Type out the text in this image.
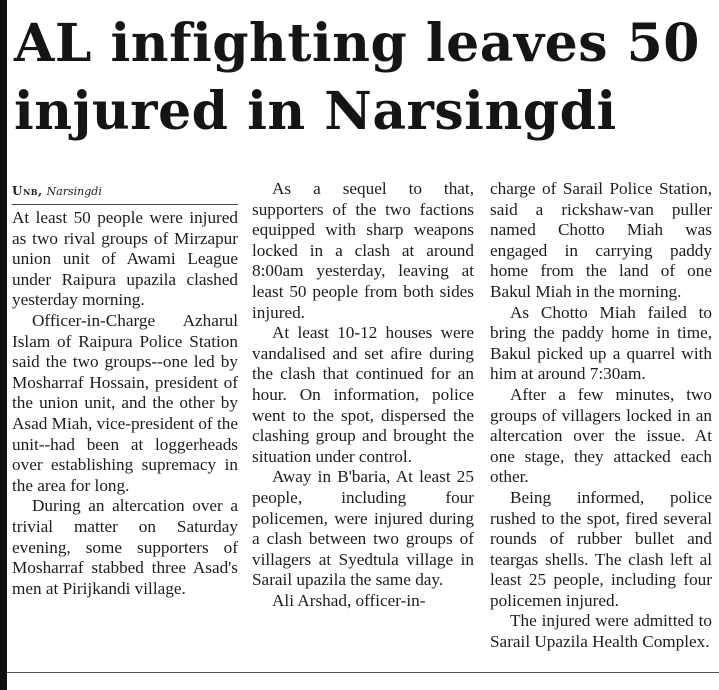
AL infighting leaves 50
injured in Narsingdi
Unb, Narsingdi

At least 50 people were injured as two rival groups of Mirzapur union unit of Awami League under Raipura upazila clashed yesterday morning.

Officer-in-Charge Azharul Islam of Raipura Police Station said the two groups--one led by Mosharraf Hossain, president of the union unit, and the other by Asad Miah, vice-president of the unit--had been at loggerheads over establishing supremacy in the area for long.

During an altercation over a trivial matter on Saturday evening, some supporters of Mosharraf stabbed three Asad's men at Pirijkandi village.

As a sequel to that, supporters of the two factions equipped with sharp weapons locked in a clash at around 8:00am yesterday, leaving at least 50 people from both sides injured.

At least 10-12 houses were vandalised and set afire during the clash that continued for an hour. On information, police went to the spot, dispersed the clashing group and brought the situation under control.

Away in B'baria, At least 25 people, including four policemen, were injured during a clash between two groups of villagers at Syedtula village in Sarail upazila the same day.

Ali Arshad, officer-in-

charge of Sarail Police Station, said a rickshaw-van puller named Chotto Miah was engaged in carrying paddy home from the land of one Bakul Miah in the morning.

As Chotto Miah failed to bring the paddy home in time, Bakul picked up a quarrel with him at around 7:30am.

After a few minutes, two groups of villagers locked in an altercation over the issue. At one stage, they attacked each other.

Being informed, police rushed to the spot, fired several rounds of rubber bullet and teargas shells. The clash left al least 25 people, including four policemen injured.

The injured were admitted to Sarail Upazila Health Complex.
